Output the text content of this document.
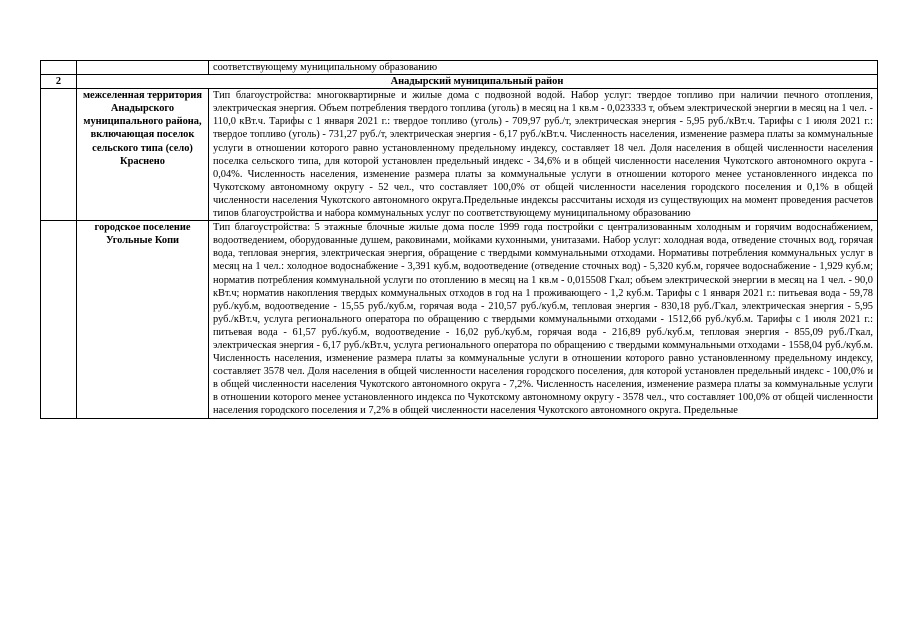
		соответствующему муниципальному образованию
2	Анадырский муниципальный район	
	межселенная территория Анадырского муниципального района, включающая поселок сельского типа (село) Краснено	Тип благоустройства: многоквартирные и жилые дома с подвозной водой. Набор услуг: твердое топливо при наличии печного отопления, электрическая энергия. Объем потребления твердого топлива (уголь) в месяц на 1 кв.м - 0,023333 т, объем электрической энергии в месяц на 1 чел. - 110,0 кВт.ч. Тарифы с 1 января 2021 г.: твердое топливо (уголь) - 709,97 руб./т, электрическая энергия - 5,95 руб./кВт.ч. Тарифы с 1 июля 2021 г.: твердое топливо (уголь) - 731,27 руб./т, электрическая энергия - 6,17 руб./кВт.ч. Численность населения, изменение размера платы за коммунальные услуги в отношении которого равно установленному предельному индексу, составляет 18 чел. Доля населения в общей численности населения поселка сельского типа, для которой установлен предельный индекс - 34,6% и в общей численности населения Чукотского автономного округа - 0,04%. Численность населения, изменение размера платы за коммунальные услуги в отношении которого менее установленного индекса по Чукотскому автономному округу - 52 чел., что составляет 100,0% от общей численности населения городского поселения и 0,1% в общей численности населения Чукотского автономного округа.Предельные индексы рассчитаны исходя из существующих на момент проведения расчетов типов благоустройства и набора коммунальных услуг по соответствующему муниципальному образованию
	городское поселение Угольные Копи	Тип благоустройства: 5 этажные блочные жилые дома после 1999 года постройки с централизованным холодным и горячим водоснабжением, водоотведением, оборудованные душем, раковинами, мойками кухонными, унитазами. Набор услуг: холодная вода, отведение сточных вод, горячая вода, тепловая энергия, электрическая энергия, обращение с твердыми коммунальными отходами. Нормативы потребления коммунальных услуг в месяц на 1 чел.: холодное водоснабжение - 3,391 куб.м, водоотведение (отведение сточных вод) - 5,320 куб.м, горячее водоснабжение - 1,929 куб.м; норматив потребления коммунальной услуги по отоплению в месяц на 1 кв.м - 0,015508 Гкал; объем электрической энергии в месяц на 1 чел. - 90,0 кВт.ч; норматив накопления твердых коммунальных отходов в год на 1 проживающего - 1,2 куб.м. Тарифы с 1 января 2021 г.: питьевая вода - 59,78 руб./куб.м, водоотведение - 15,55 руб./куб.м, горячая вода - 210,57 руб./куб.м, тепловая энергия - 830,18 руб./Гкал, электрическая энергия - 5,95 руб./кВт.ч, услуга регионального оператора по обращению с твердыми коммунальными отходами - 1512,66 руб./куб.м. Тарифы с 1 июля 2021 г.: питьевая вода - 61,57 руб./куб.м, водоотведение - 16,02 руб./куб.м, горячая вода - 216,89 руб./куб.м, тепловая энергия - 855,09 руб./Гкал, электрическая энергия - 6,17 руб./кВт.ч, услуга регионального оператора по обращению с твердыми коммунальными отходами - 1558,04 руб./куб.м. Численность населения, изменение размера платы за коммунальные услуги в отношении которого равно установленному предельному индексу, составляет 3578 чел. Доля населения в общей численности населения городского поселения, для которой установлен предельный индекс - 100,0% и в общей численности населения Чукотского автономного округа - 7,2%. Численность населения, изменение размера платы за коммунальные услуги в отношении которого менее установленного индекса по Чукотскому автономному округу - 3578 чел., что составляет 100,0% от общей численности населения городского поселения и 7,2% в общей численности населения Чукотского автономного округа. Предельные
